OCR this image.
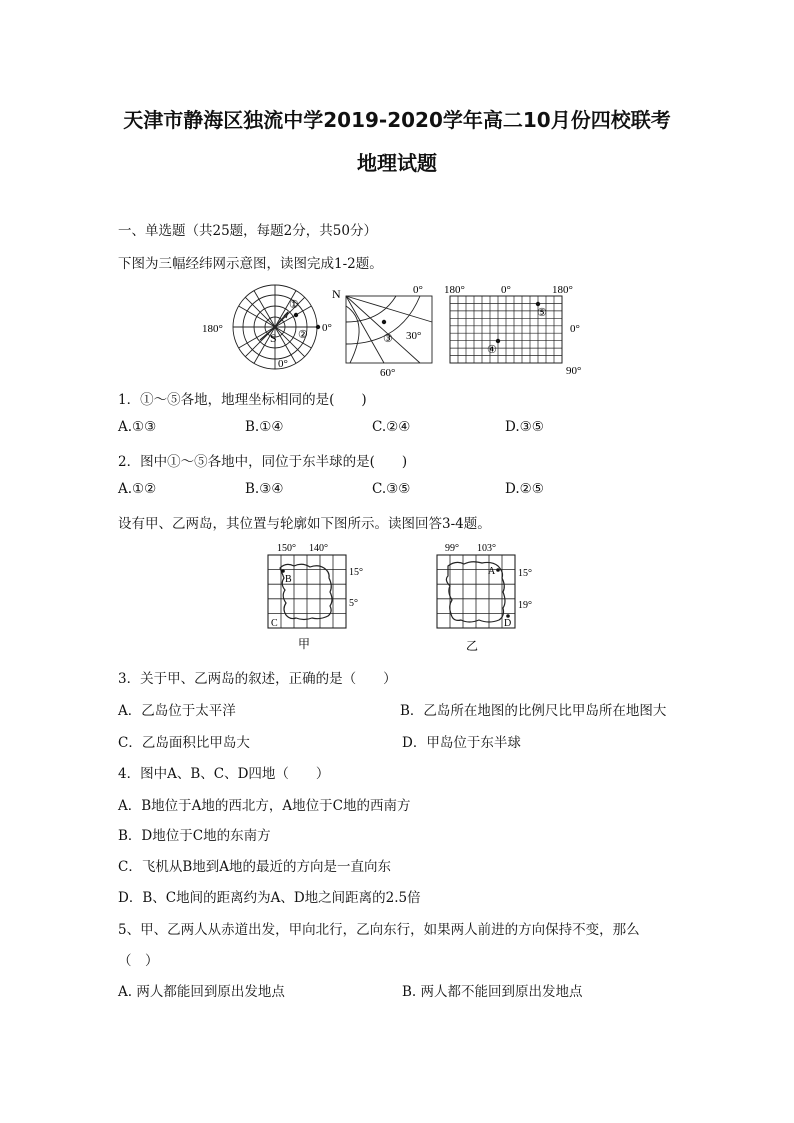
天津市静海区独流中学2019-2020学年高二10月份四校联考
地理试题
一、单选题（共25题，每题2分，共50分）
下图为三幅经纬网示意图，读图完成1-2题。
180°	0°
0°
S
①
②
N	0°
30°
60°
③
180°	0°	180°
0°
90°
⑤
④
1．①～⑤各地，地理坐标相同的是(　　)
A.①③	B.①④	C.②④	D.③⑤
2．图中①～⑤各地中，同位于东半球的是(　　)
A.①②	B.③④	C.③⑤	D.②⑤
设有甲、乙两岛，其位置与轮廓如下图所示。读图回答3-4题。
150° 140°
15°
5°
B
C
甲
99° 103°
15°
19°
A
D
乙
3．关于甲、乙两岛的叙述，正确的是（　　）
A．乙岛位于太平洋	B．乙岛所在地图的比例尺比甲岛所在地图大
C．乙岛面积比甲岛大	D．甲岛位于东半球
4．图中A、B、C、D四地（　　）
A．B地位于A地的西北方，A地位于C地的西南方
B．D地位于C地的东南方
C．飞机从B地到A地的最近的方向是一直向东
D．B、C地间的距离约为A、D地之间距离的2.5倍
5、甲、乙两人从赤道出发，甲向北行，乙向东行，如果两人前进的方向保持不变，那么
（　）
A. 两人都能回到原出发地点	B. 两人都不能回到原出发地点
